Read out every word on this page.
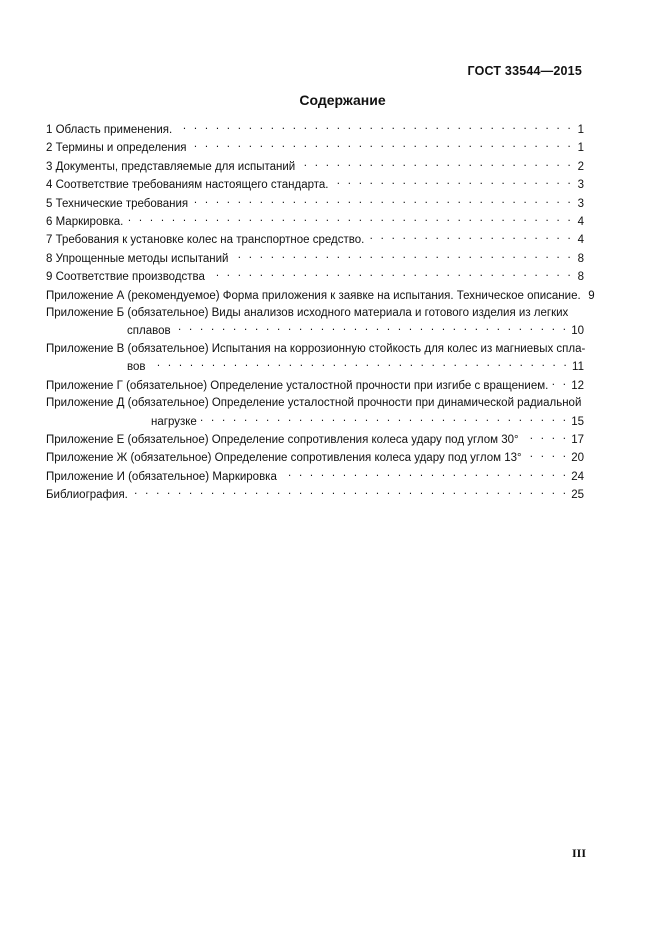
ГОСТ 33544—2015
Содержание
1 Область применения. . . .	1
2 Термины и определения . . .	1
3 Документы, представляемые для испытаний . . .	2
4 Соответствие требованиям настоящего стандарта. . . .	3
5 Технические требования . . .	3
6 Маркировка. . . .	4
7 Требования к установке колес на транспортное средство. . . .	4
8 Упрощенные методы испытаний . . .	8
9 Соответствие производства . . .	8
Приложение А (рекомендуемое) Форма приложения к заявке на испытания. Техническое описание. 9
Приложение Б (обязательное) Виды анализов исходного материала и готового изделия из легких
сплавов . . .	10
Приложение В (обязательное) Испытания на коррозионную стойкость для колес из магниевых спла-
вов . . .	11
Приложение Г (обязательное) Определение усталостной прочности при изгибе с вращением. . . . 12
Приложение Д (обязательное) Определение усталостной прочности при динамической радиальной
нагрузке . . .	15
Приложение Е (обязательное) Определение сопротивления колеса удару под углом 30° . . .	17
Приложение Ж (обязательное) Определение сопротивления колеса удару под углом 13° . . .	20
Приложение И (обязательное) Маркировка . . .	24
Библиография. . . .	25
III
